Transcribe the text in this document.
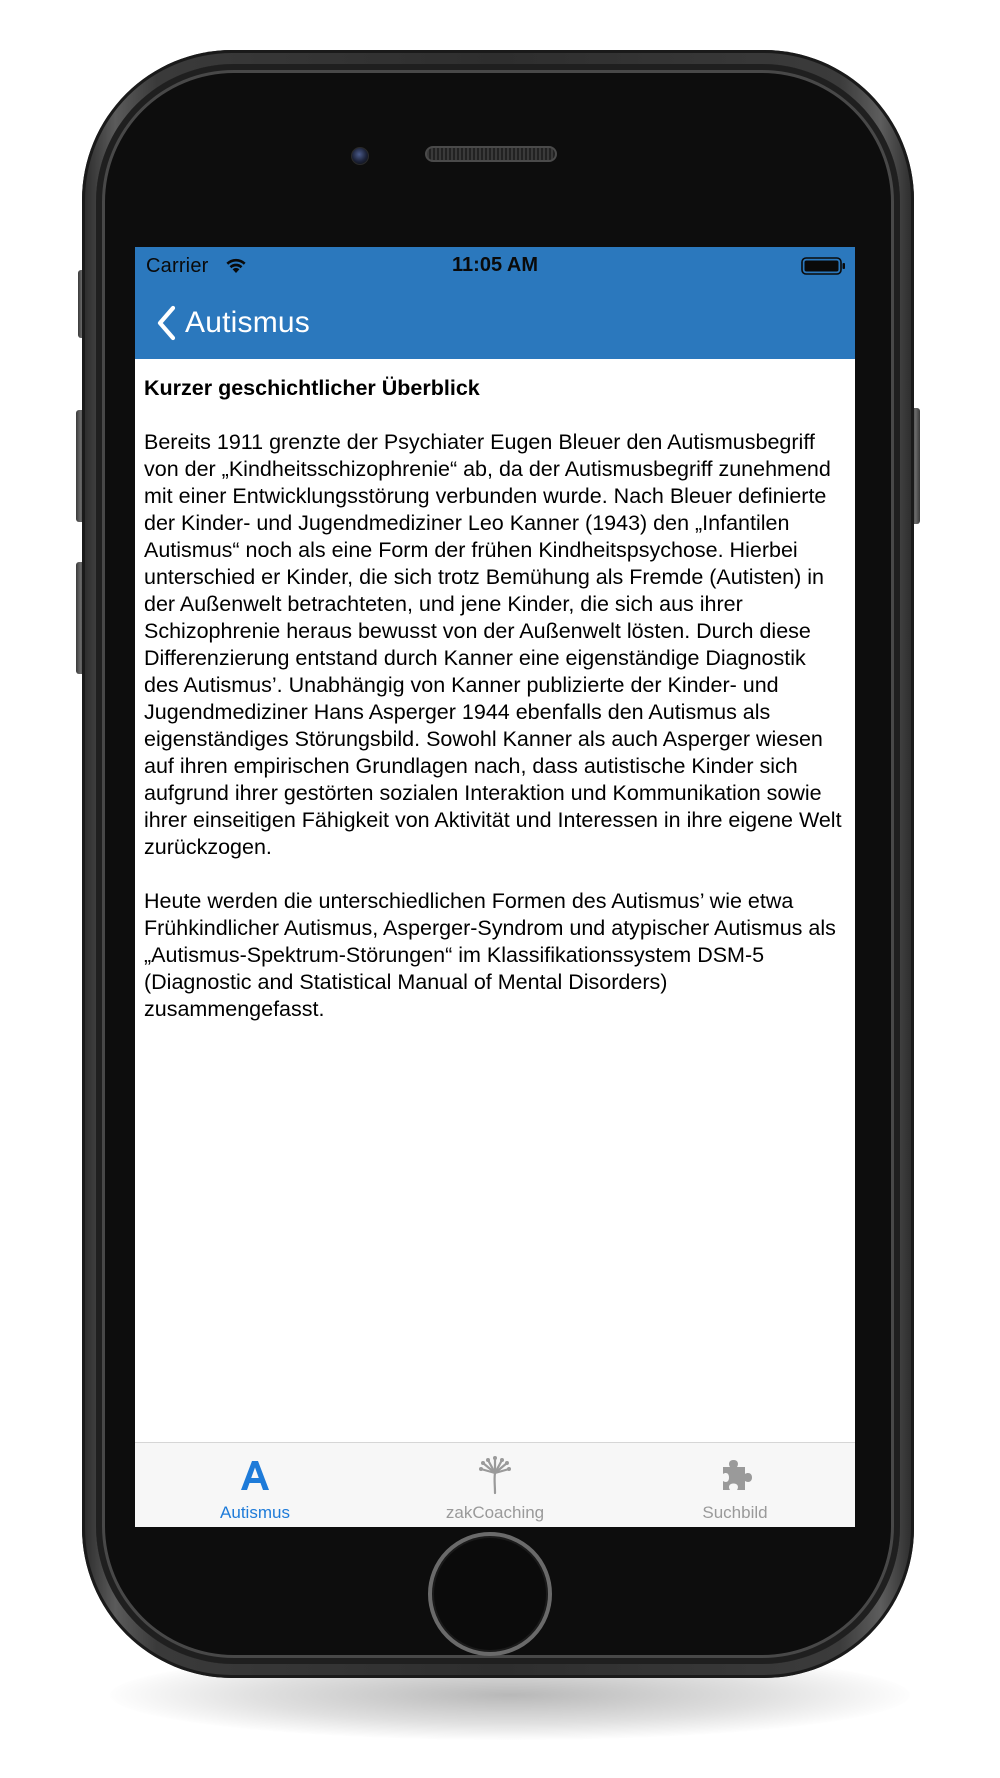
Carrier	11:05 AM
Autismus
Kurzer geschichtlicher Überblick

Bereits 1911 grenzte der Psychiater Eugen Bleuer den Autismusbegriff von der „Kindheitsschizophrenie“ ab, da der Autismusbegriff zunehmend mit einer Entwicklungsstörung verbunden wurde. Nach Bleuer definierte der Kinder- und Jugendmediziner Leo Kanner (1943) den „Infantilen Autismus“ noch als eine Form der frühen Kindheitspsychose. Hierbei unterschied er Kinder, die sich trotz Bemühung als Fremde (Autisten) in der Außenwelt betrachteten, und jene Kinder, die sich aus ihrer Schizophrenie heraus bewusst von der Außenwelt lösten. Durch diese Differenzierung entstand durch Kanner eine eigenständige Diagnostik des Autismus’. Unabhängig von Kanner publizierte der Kinder- und Jugendmediziner Hans Asperger 1944 ebenfalls den Autismus als eigenständiges Störungsbild. Sowohl Kanner als auch Asperger wiesen auf ihren empirischen Grundlagen nach, dass autistische Kinder sich aufgrund ihrer gestörten sozialen Interaktion und Kommunikation sowie ihrer einseitigen Fähigkeit von Aktivität und Interessen in ihre eigene Welt zurückzogen.

Heute werden die unterschiedlichen Formen des Autismus’ wie etwa Frühkindlicher Autismus, Asperger-Syndrom und atypischer Autismus als „Autismus-Spektrum-Störungen“ im Klassifikationssystem DSM-5 (Diagnostic and Statistical Manual of Mental Disorders) zusammengefasst.

Autismus	zakCoaching	Suchbild
